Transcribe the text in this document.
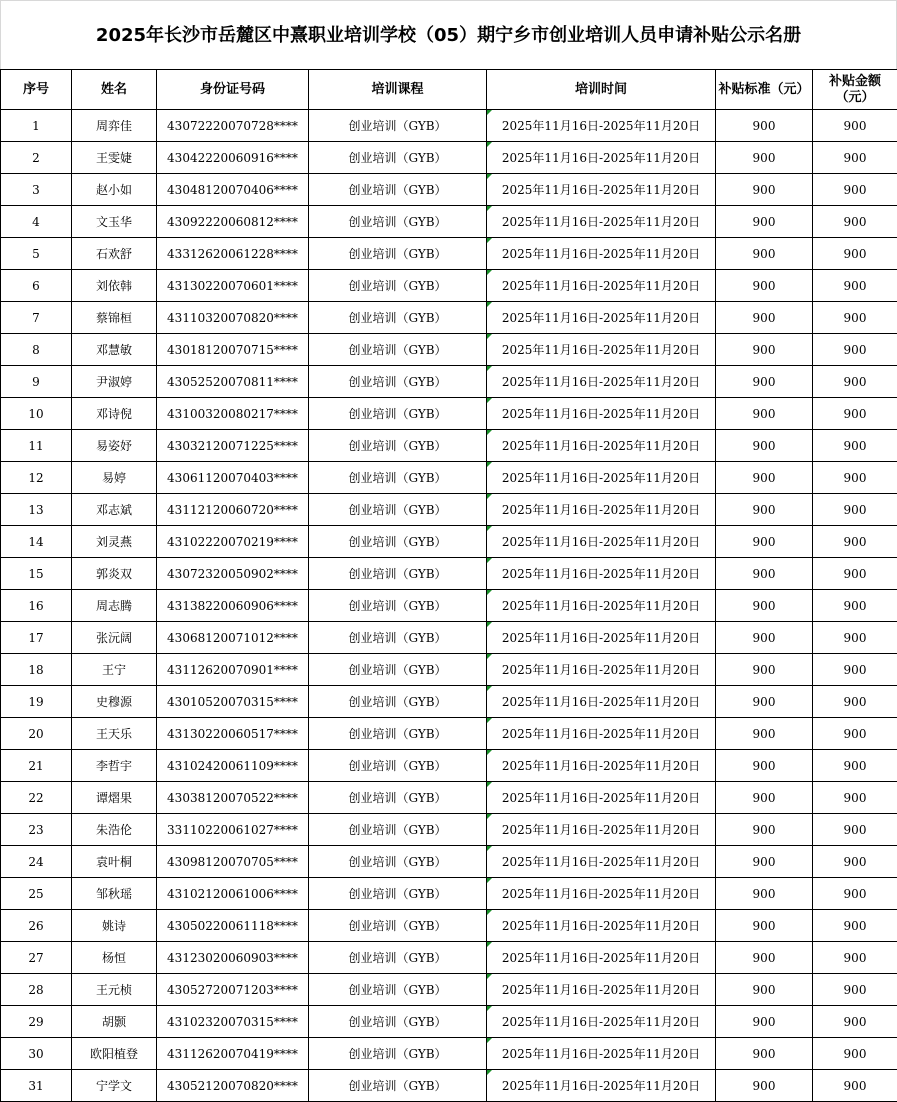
2025年长沙市岳麓区中熹职业培训学校（05）期宁乡市创业培训人员申请补贴公示名册
序号	姓名	身份证号码	培训课程	培训时间	补贴标准（元）	补贴金额（元）
1	周弈佳	43072220070728****	创业培训（GYB）	2025年11月16日-2025年11月20日	900	900
2	王雯婕	43042220060916****	创业培训（GYB）	2025年11月16日-2025年11月20日	900	900
3	赵小如	43048120070406****	创业培训（GYB）	2025年11月16日-2025年11月20日	900	900
4	文玉华	43092220060812****	创业培训（GYB）	2025年11月16日-2025年11月20日	900	900
5	石欢舒	43312620061228****	创业培训（GYB）	2025年11月16日-2025年11月20日	900	900
6	刘依韩	43130220070601****	创业培训（GYB）	2025年11月16日-2025年11月20日	900	900
7	蔡锦桓	43110320070820****	创业培训（GYB）	2025年11月16日-2025年11月20日	900	900
8	邓慧敏	43018120070715****	创业培训（GYB）	2025年11月16日-2025年11月20日	900	900
9	尹淑婷	43052520070811****	创业培训（GYB）	2025年11月16日-2025年11月20日	900	900
10	邓诗倪	43100320080217****	创业培训（GYB）	2025年11月16日-2025年11月20日	900	900
11	易姿妤	43032120071225****	创业培训（GYB）	2025年11月16日-2025年11月20日	900	900
12	易婷	43061120070403****	创业培训（GYB）	2025年11月16日-2025年11月20日	900	900
13	邓志斌	43112120060720****	创业培训（GYB）	2025年11月16日-2025年11月20日	900	900
14	刘灵燕	43102220070219****	创业培训（GYB）	2025年11月16日-2025年11月20日	900	900
15	郭炎双	43072320050902****	创业培训（GYB）	2025年11月16日-2025年11月20日	900	900
16	周志腾	43138220060906****	创业培训（GYB）	2025年11月16日-2025年11月20日	900	900
17	张沅阔	43068120071012****	创业培训（GYB）	2025年11月16日-2025年11月20日	900	900
18	王宁	43112620070901****	创业培训（GYB）	2025年11月16日-2025年11月20日	900	900
19	史穆源	43010520070315****	创业培训（GYB）	2025年11月16日-2025年11月20日	900	900
20	王天乐	43130220060517****	创业培训（GYB）	2025年11月16日-2025年11月20日	900	900
21	李哲宇	43102420061109****	创业培训（GYB）	2025年11月16日-2025年11月20日	900	900
22	谭熠果	43038120070522****	创业培训（GYB）	2025年11月16日-2025年11月20日	900	900
23	朱浩伦	33110220061027****	创业培训（GYB）	2025年11月16日-2025年11月20日	900	900
24	袁叶桐	43098120070705****	创业培训（GYB）	2025年11月16日-2025年11月20日	900	900
25	邹秋瑶	43102120061006****	创业培训（GYB）	2025年11月16日-2025年11月20日	900	900
26	姚诗	43050220061118****	创业培训（GYB）	2025年11月16日-2025年11月20日	900	900
27	杨恒	43123020060903****	创业培训（GYB）	2025年11月16日-2025年11月20日	900	900
28	王元桢	43052720071203****	创业培训（GYB）	2025年11月16日-2025年11月20日	900	900
29	胡颢	43102320070315****	创业培训（GYB）	2025年11月16日-2025年11月20日	900	900
30	欧阳植登	43112620070419****	创业培训（GYB）	2025年11月16日-2025年11月20日	900	900
31	宁学文	43052120070820****	创业培训（GYB）	2025年11月16日-2025年11月20日	900	900
